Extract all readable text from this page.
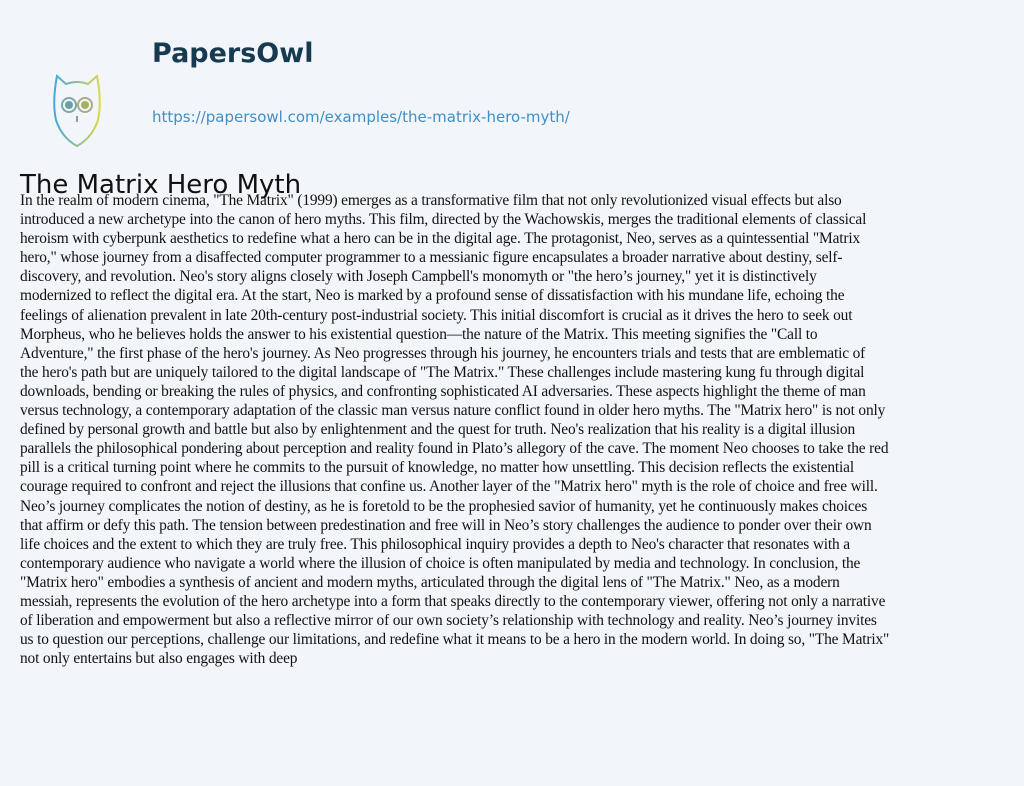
PapersOwl
https://papersowl.com/examples/the-matrix-hero-myth/
The Matrix Hero Myth
In the realm of modern cinema, "The Matrix" (1999) emerges as a transformative film that not only revolutionized visual effects but also
introduced a new archetype into the canon of hero myths. This film, directed by the Wachowskis, merges the traditional elements of classical
heroism with cyberpunk aesthetics to redefine what a hero can be in the digital age. The protagonist, Neo, serves as a quintessential "Matrix
hero," whose journey from a disaffected computer programmer to a messianic figure encapsulates a broader narrative about destiny, self-
discovery, and revolution. Neo's story aligns closely with Joseph Campbell's monomyth or "the hero’s journey," yet it is distinctively
modernized to reflect the digital era. At the start, Neo is marked by a profound sense of dissatisfaction with his mundane life, echoing the
feelings of alienation prevalent in late 20th-century post-industrial society. This initial discomfort is crucial as it drives the hero to seek out
Morpheus, who he believes holds the answer to his existential question—the nature of the Matrix. This meeting signifies the "Call to
Adventure," the first phase of the hero's journey. As Neo progresses through his journey, he encounters trials and tests that are emblematic of
the hero's path but are uniquely tailored to the digital landscape of "The Matrix." These challenges include mastering kung fu through digital
downloads, bending or breaking the rules of physics, and confronting sophisticated AI adversaries. These aspects highlight the theme of man
versus technology, a contemporary adaptation of the classic man versus nature conflict found in older hero myths. The "Matrix hero" is not only
defined by personal growth and battle but also by enlightenment and the quest for truth. Neo's realization that his reality is a digital illusion
parallels the philosophical pondering about perception and reality found in Plato’s allegory of the cave. The moment Neo chooses to take the red
pill is a critical turning point where he commits to the pursuit of knowledge, no matter how unsettling. This decision reflects the existential
courage required to confront and reject the illusions that confine us. Another layer of the "Matrix hero" myth is the role of choice and free will.
Neo’s journey complicates the notion of destiny, as he is foretold to be the prophesied savior of humanity, yet he continuously makes choices
that affirm or defy this path. The tension between predestination and free will in Neo’s story challenges the audience to ponder over their own
life choices and the extent to which they are truly free. This philosophical inquiry provides a depth to Neo's character that resonates with a
contemporary audience who navigate a world where the illusion of choice is often manipulated by media and technology. In conclusion, the
"Matrix hero" embodies a synthesis of ancient and modern myths, articulated through the digital lens of "The Matrix." Neo, as a modern
messiah, represents the evolution of the hero archetype into a form that speaks directly to the contemporary viewer, offering not only a narrative
of liberation and empowerment but also a reflective mirror of our own society’s relationship with technology and reality. Neo’s journey invites
us to question our perceptions, challenge our limitations, and redefine what it means to be a hero in the modern world. In doing so, "The Matrix"
not only entertains but also engages with deep
